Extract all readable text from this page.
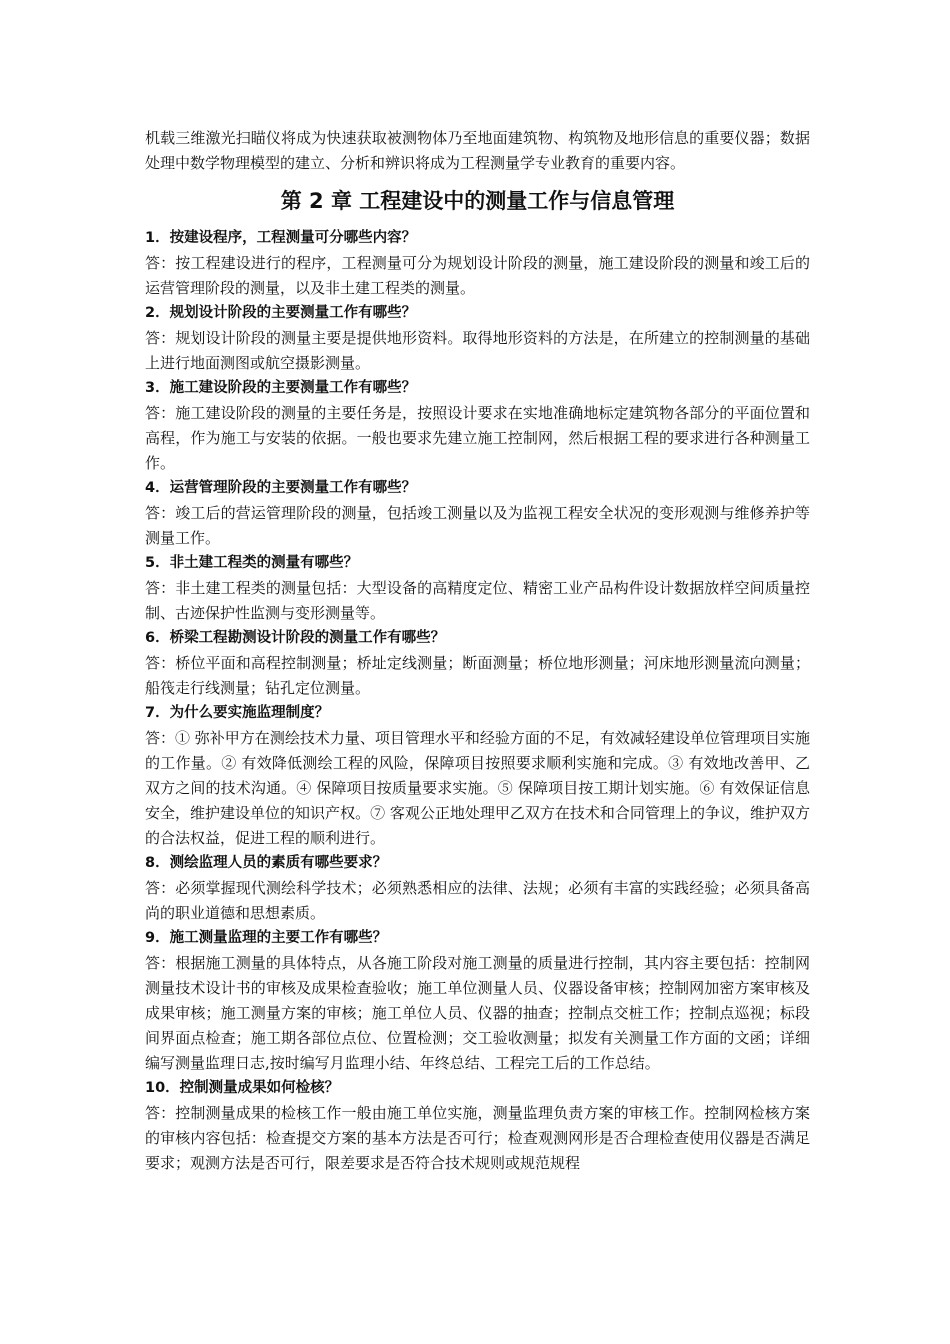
机载三维激光扫瞄仪将成为快速获取被测物体乃至地面建筑物、构筑物及地形信息的重要仪器；数据处理中数学物理模型的建立、分析和辨识将成为工程测量学专业教育的重要内容。

第 2 章 工程建设中的测量工作与信息管理

1．按建设程序，工程测量可分哪些内容？

答：按工程建设进行的程序，工程测量可分为规划设计阶段的测量，施工建设阶段的测量和竣工后的运营管理阶段的测量，以及非土建工程类的测量。

2．规划设计阶段的主要测量工作有哪些？

答：规划设计阶段的测量主要是提供地形资料。取得地形资料的方法是，在所建立的控制测量的基础上进行地面测图或航空摄影测量。

3．施工建设阶段的主要测量工作有哪些？

答：施工建设阶段的测量的主要任务是，按照设计要求在实地准确地标定建筑物各部分的平面位置和高程，作为施工与安装的依据。一般也要求先建立施工控制网，然后根据工程的要求进行各种测量工作。

4．运营管理阶段的主要测量工作有哪些？

答：竣工后的营运管理阶段的测量，包括竣工测量以及为监视工程安全状况的变形观测与维修养护等测量工作。

5．非土建工程类的测量有哪些？

答：非土建工程类的测量包括：大型设备的高精度定位、精密工业产品构件设计数据放样空间质量控制、古迹保护性监测与变形测量等。

6．桥梁工程勘测设计阶段的测量工作有哪些？

答：桥位平面和高程控制测量；桥址定线测量；断面测量；桥位地形测量；河床地形测量流向测量；船筏走行线测量；钻孔定位测量。

7．为什么要实施监理制度？

答：① 弥补甲方在测绘技术力量、项目管理水平和经验方面的不足，有效减轻建设单位管理项目实施的工作量。② 有效降低测绘工程的风险，保障项目按照要求顺利实施和完成。③ 有效地改善甲、乙双方之间的技术沟通。④ 保障项目按质量要求实施。⑤ 保障项目按工期计划实施。⑥ 有效保证信息安全，维护建设单位的知识产权。⑦ 客观公正地处理甲乙双方在技术和合同管理上的争议，维护双方的合法权益，促进工程的顺利进行。

8．测绘监理人员的素质有哪些要求？

答：必须掌握现代测绘科学技术；必须熟悉相应的法律、法规；必须有丰富的实践经验；必须具备高尚的职业道德和思想素质。

9．施工测量监理的主要工作有哪些？

答：根据施工测量的具体特点，从各施工阶段对施工测量的质量进行控制，其内容主要包括：控制网测量技术设计书的审核及成果检查验收；施工单位测量人员、仪器设备审核；控制网加密方案审核及成果审核；施工测量方案的审核；施工单位人员、仪器的抽查；控制点交桩工作；控制点巡视；标段间界面点检查；施工期各部位点位、位置检测；交工验收测量；拟发有关测量工作方面的文函；详细编写测量监理日志,按时编写月监理小结、年终总结、工程完工后的工作总结。

10．控制测量成果如何检核？

答：控制测量成果的检核工作一般由施工单位实施，测量监理负责方案的审核工作。控制网检核方案的审核内容包括：检查提交方案的基本方法是否可行；检查观测网形是否合理检查使用仪器是否满足要求；观测方法是否可行，限差要求是否符合技术规则或规范规程
